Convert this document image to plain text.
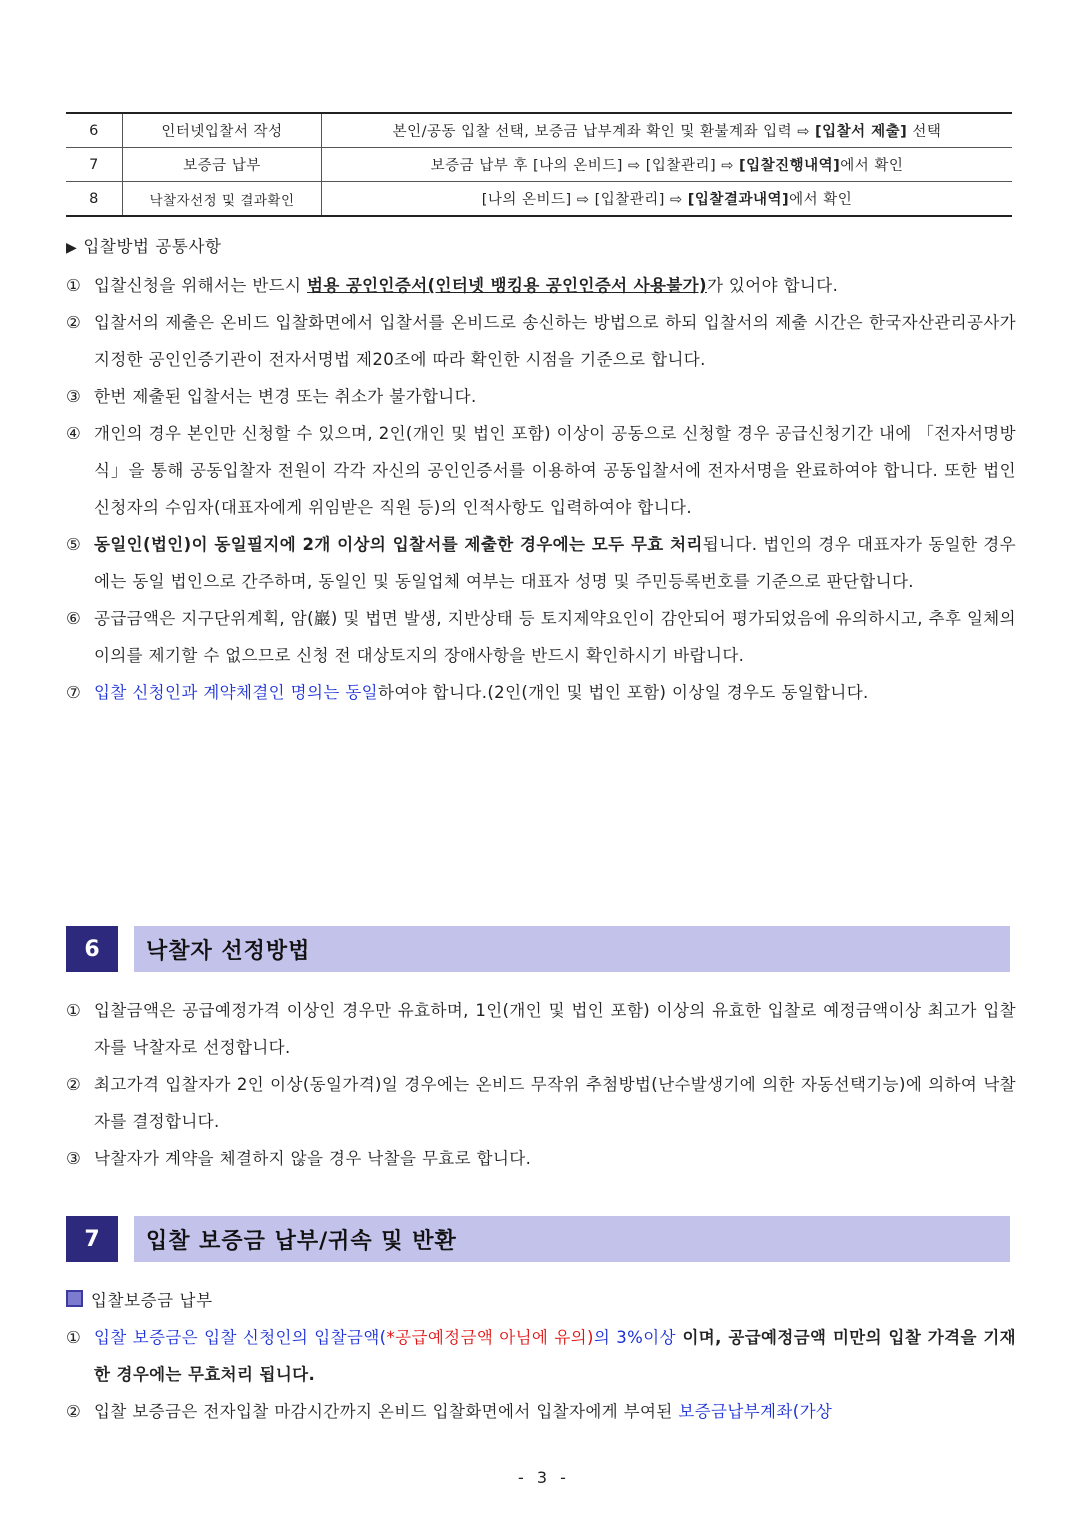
6	인터넷입찰서 작성	본인/공동 입찰 선택, 보증금 납부계좌 확인 및 환불계좌 입력 ⇨ [입찰서 제출] 선택
7	보증금 납부	보증금 납부 후 [나의 온비드] ⇨ [입찰관리] ⇨ [입찰진행내역]에서 확인
8	낙찰자선정 및 결과확인	[나의 온비드] ⇨ [입찰관리] ⇨ [입찰결과내역]에서 확인

▶ 입찰방법 공통사항

① 입찰신청을 위해서는 반드시 범용 공인인증서(인터넷 뱅킹용 공인인증서 사용불가)가 있어야 합니다.

② 입찰서의 제출은 온비드 입찰화면에서 입찰서를 온비드로 송신하는 방법으로 하되 입찰서의 제출 시간은 한국자산관리공사가 지정한 공인인증기관이 전자서명법 제20조에 따라 확인한 시점을 기준으로 합니다.

③ 한번 제출된 입찰서는 변경 또는 취소가 불가합니다.

④ 개인의 경우 본인만 신청할 수 있으며, 2인(개인 및 법인 포함) 이상이 공동으로 신청할 경우 공급신청기간 내에 「전자서명방식」을 통해 공동입찰자 전원이 각각 자신의 공인인증서를 이용하여 공동입찰서에 전자서명을 완료하여야 합니다. 또한 법인 신청자의 수임자(대표자에게 위임받은 직원 등)의 인적사항도 입력하여야 합니다.

⑤ 동일인(법인)이 동일필지에 2개 이상의 입찰서를 제출한 경우에는 모두 무효 처리됩니다. 법인의 경우 대표자가 동일한 경우에는 동일 법인으로 간주하며, 동일인 및 동일업체 여부는 대표자 성명 및 주민등록번호를 기준으로 판단합니다.

⑥ 공급금액은 지구단위계획, 암(巖) 및 법면 발생, 지반상태 등 토지제약요인이 감안되어 평가되었음에 유의하시고, 추후 일체의 이의를 제기할 수 없으므로 신청 전 대상토지의 장애사항을 반드시 확인하시기 바랍니다.

⑦ 입찰 신청인과 계약체결인 명의는 동일하여야 합니다.(2인(개인 및 법인 포함) 이상일 경우도 동일합니다.

6	낙찰자 선정방법

① 입찰금액은 공급예정가격 이상인 경우만 유효하며, 1인(개인 및 법인 포함) 이상의 유효한 입찰로 예정금액이상 최고가 입찰자를 낙찰자로 선정합니다.

② 최고가격 입찰자가 2인 이상(동일가격)일 경우에는 온비드 무작위 추첨방법(난수발생기에 의한 자동선택기능)에 의하여 낙찰자를 결정합니다.

③ 낙찰자가 계약을 체결하지 않을 경우 낙찰을 무효로 합니다.

7	입찰 보증금 납부/귀속 및 반환

입찰보증금 납부

① 입찰 보증금은 입찰 신청인의 입찰금액(*공급예정금액 아님에 유의)의 3%이상 이며, 공급예정금액 미만의 입찰 가격을 기재한 경우에는 무효처리 됩니다.

② 입찰 보증금은 전자입찰 마감시간까지 온비드 입찰화면에서 입찰자에게 부여된 보증금납부계좌(가상

- 3 -
